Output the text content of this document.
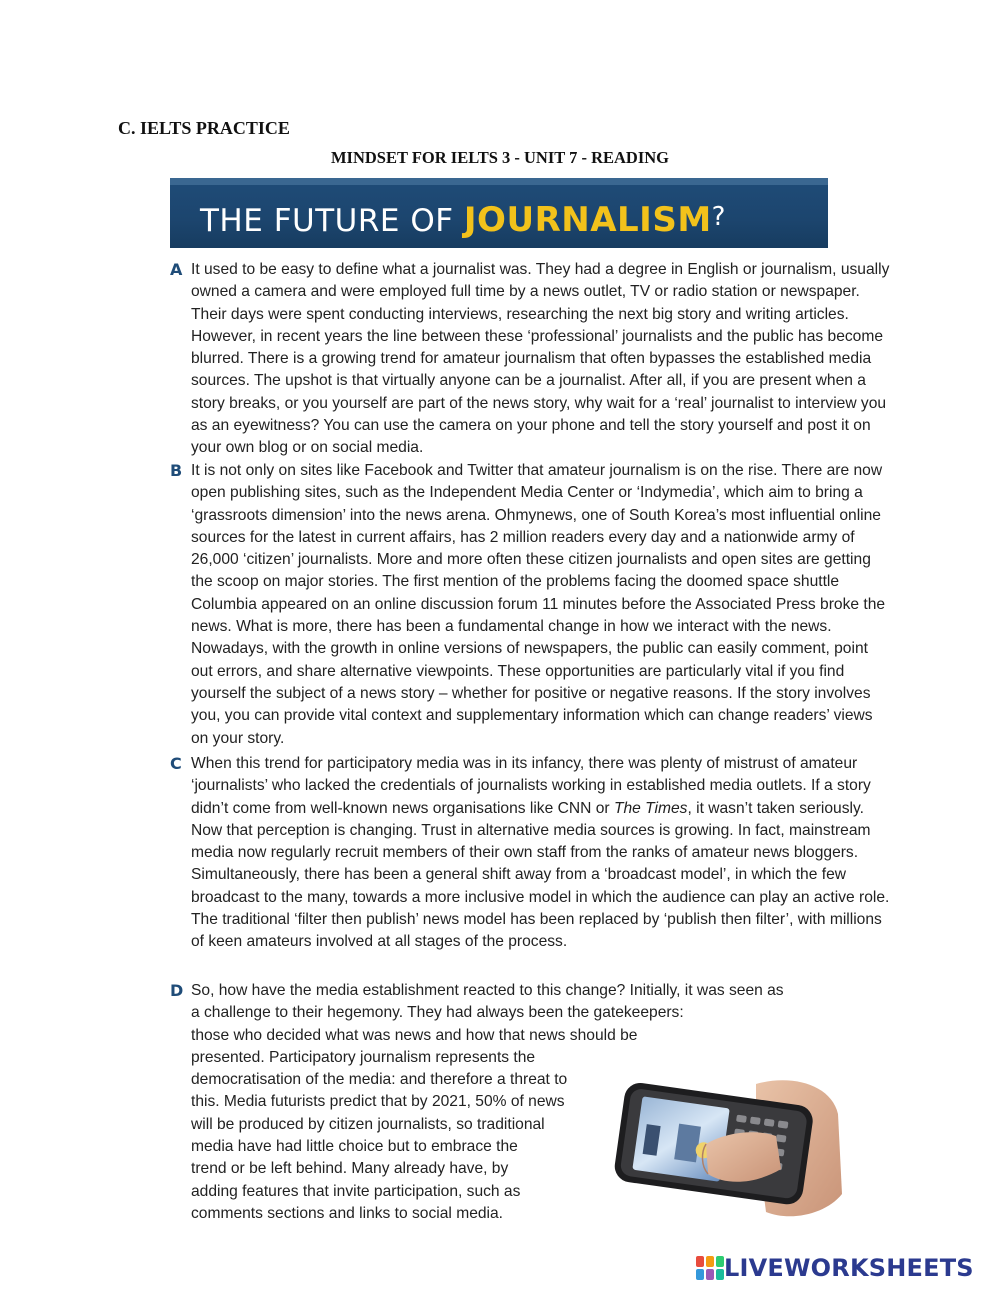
C. IELTS PRACTICE
MINDSET FOR IELTS 3 - UNIT 7 - READING
THE FUTURE OF JOURNALISM?
A It used to be easy to define what a journalist was. They had a degree in English or journalism, usually owned a camera and were employed full time by a news outlet, TV or radio station or newspaper. Their days were spent conducting interviews, researching the next big story and writing articles. However, in recent years the line between these ‘professional’ journalists and the public has become blurred. There is a growing trend for amateur journalism that often bypasses the established media sources. The upshot is that virtually anyone can be a journalist. After all, if you are present when a story breaks, or you yourself are part of the news story, why wait for a ‘real’ journalist to interview you as an eyewitness? You can use the camera on your phone and tell the story yourself and post it on your own blog or on social media.
B It is not only on sites like Facebook and Twitter that amateur journalism is on the rise. There are now open publishing sites, such as the Independent Media Center or ‘Indymedia’, which aim to bring a ‘grassroots dimension’ into the news arena. Ohmynews, one of South Korea’s most influential online sources for the latest in current affairs, has 2 million readers every day and a nationwide army of 26,000 ‘citizen’ journalists. More and more often these citizen journalists and open sites are getting the scoop on major stories. The first mention of the problems facing the doomed space shuttle Columbia appeared on an online discussion forum 11 minutes before the Associated Press broke the news. What is more, there has been a fundamental change in how we interact with the news. Nowadays, with the growth in online versions of newspapers, the public can easily comment, point out errors, and share alternative viewpoints. These opportunities are particularly vital if you find yourself the subject of a news story – whether for positive or negative reasons. If the story involves you, you can provide vital context and supplementary information which can change readers’ views on your story.
C When this trend for participatory media was in its infancy, there was plenty of mistrust of amateur ‘journalists’ who lacked the credentials of journalists working in established media outlets. If a story didn’t come from well-known news organisations like CNN or The Times, it wasn’t taken seriously. Now that perception is changing. Trust in alternative media sources is growing. In fact, mainstream media now regularly recruit members of their own staff from the ranks of amateur news bloggers. Simultaneously, there has been a general shift away from a ‘broadcast model’, in which the few broadcast to the many, towards a more inclusive model in which the audience can play an active role. The traditional ‘filter then publish’ news model has been replaced by ‘publish then filter’, with millions of keen amateurs involved at all stages of the process.
D So, how have the media establishment reacted to this change? Initially, it was seen as
a challenge to their hegemony. They had always been the gatekeepers:
those who decided what was news and how that news should be
presented. Participatory journalism represents the
democratisation of the media: and therefore a threat to
this. Media futurists predict that by 2021, 50% of news
will be produced by citizen journalists, so traditional
media have had little choice but to embrace the
trend or be left behind. Many already have, by
adding features that invite participation, such as
comments sections and links to social media.
LIVEWORKSHEETS
